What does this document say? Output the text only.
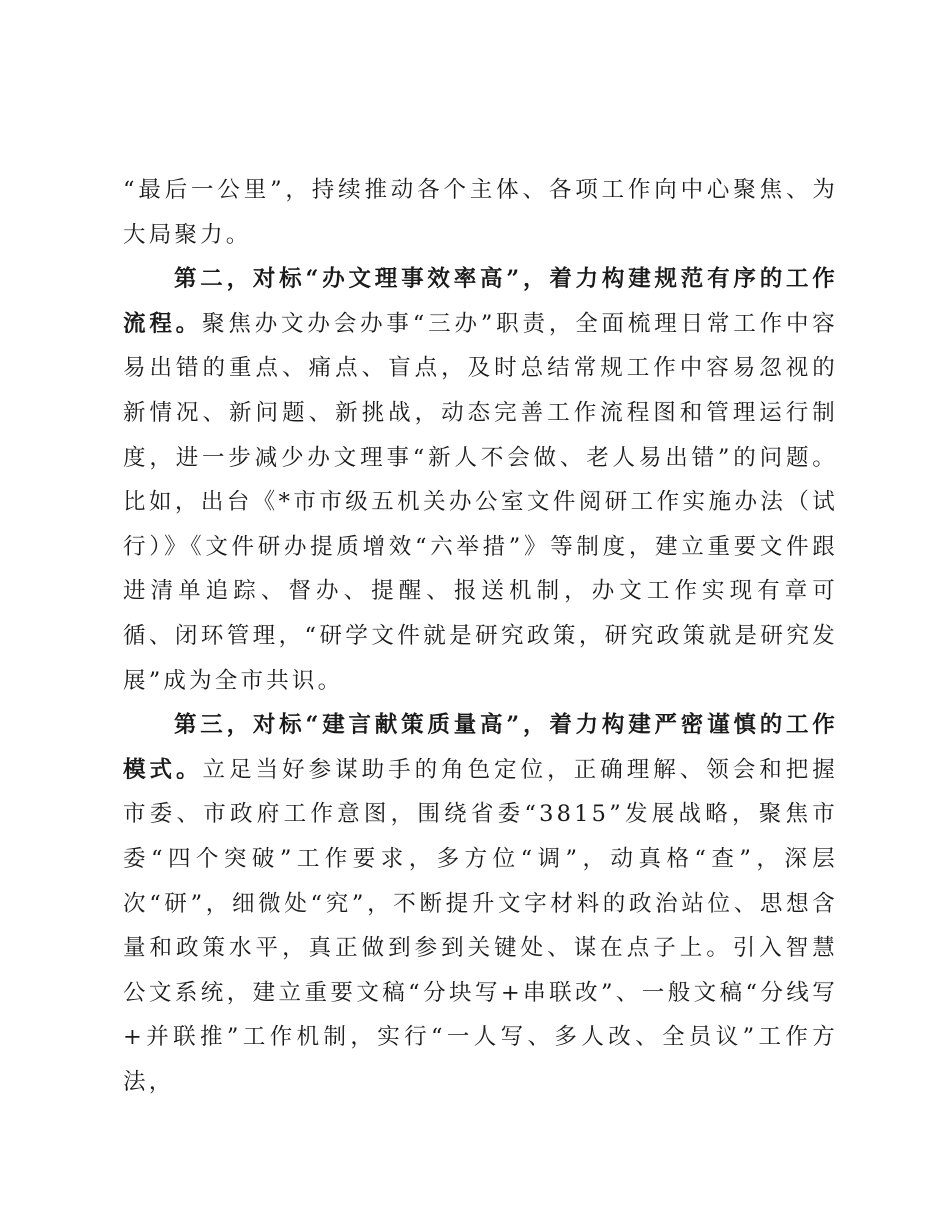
“最后一公里”，持续推动各个主体、各项工作向中心聚焦、为大局聚力。

第二，对标“办文理事效率高”，着力构建规范有序的工作流程。聚焦办文办会办事“三办”职责，全面梳理日常工作中容易出错的重点、痛点、盲点，及时总结常规工作中容易忽视的新情况、新问题、新挑战，动态完善工作流程图和管理运行制度，进一步减少办文理事“新人不会做、老人易出错”的问题。比如，出台《*市市级五机关办公室文件阅研工作实施办法（试行）》《文件研办提质增效“六举措”》等制度，建立重要文件跟进清单追踪、督办、提醒、报送机制，办文工作实现有章可循、闭环管理，“研学文件就是研究政策，研究政策就是研究发展”成为全市共识。

第三，对标“建言献策质量高”，着力构建严密谨慎的工作模式。立足当好参谋助手的角色定位，正确理解、领会和把握市委、市政府工作意图，围绕省委“3815”发展战略，聚焦市委“四个突破”工作要求，多方位“调”，动真格“查”，深层次“研”，细微处“究”，不断提升文字材料的政治站位、思想含量和政策水平，真正做到参到关键处、谋在点子上。引入智慧公文系统，建立重要文稿“分块写+串联改”、一般文稿“分线写+并联推”工作机制，实行“一人写、多人改、全员议”工作方法，
